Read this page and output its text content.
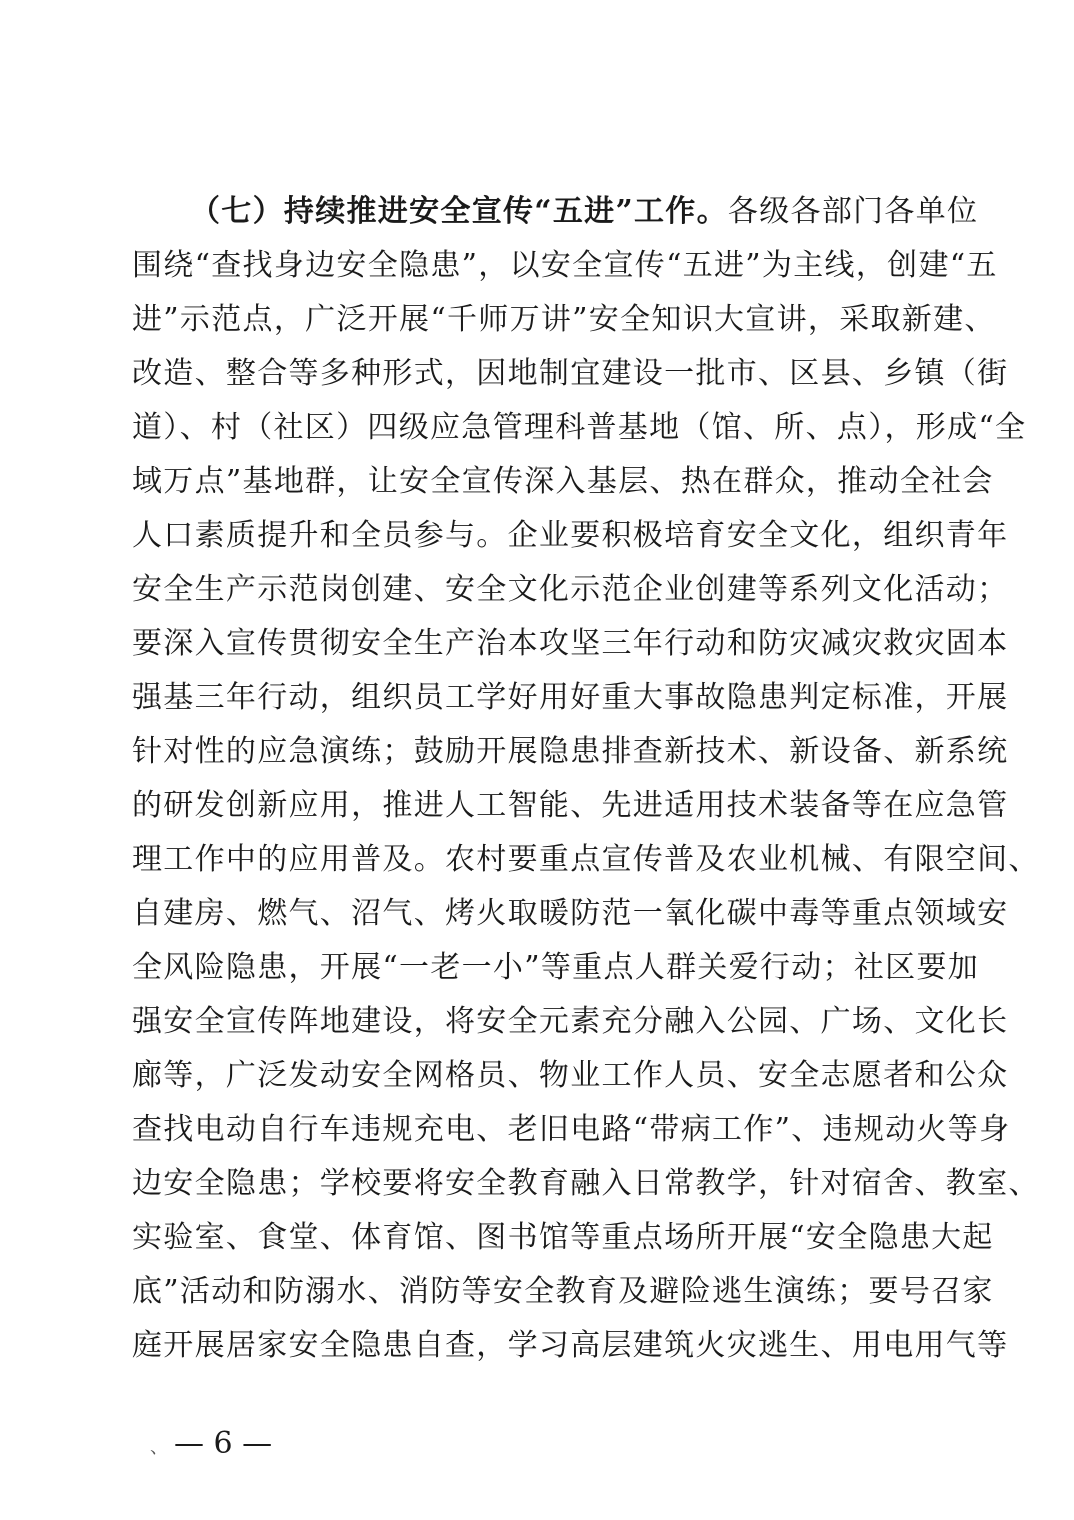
（七）持续推进安全宣传“五进”工作。各级各部门各单位
围绕“查找身边安全隐患”，以安全宣传“五进”为主线，创建“五
进”示范点，广泛开展“千师万讲”安全知识大宣讲，采取新建、
改造、整合等多种形式，因地制宜建设一批市、区县、乡镇（街
道）、村（社区）四级应急管理科普基地（馆、所、点），形成“全
域万点”基地群，让安全宣传深入基层、热在群众，推动全社会
人口素质提升和全员参与。企业要积极培育安全文化，组织青年
安全生产示范岗创建、安全文化示范企业创建等系列文化活动；
要深入宣传贯彻安全生产治本攻坚三年行动和防灾减灾救灾固本
强基三年行动，组织员工学好用好重大事故隐患判定标准，开展
针对性的应急演练；鼓励开展隐患排查新技术、新设备、新系统
的研发创新应用，推进人工智能、先进适用技术装备等在应急管
理工作中的应用普及。农村要重点宣传普及农业机械、有限空间、
自建房、燃气、沼气、烤火取暖防范一氧化碳中毒等重点领域安
全风险隐患，开展“一老一小”等重点人群关爱行动；社区要加
强安全宣传阵地建设，将安全元素充分融入公园、广场、文化长
廊等，广泛发动安全网格员、物业工作人员、安全志愿者和公众
查找电动自行车违规充电、老旧电路“带病工作”、违规动火等身
边安全隐患；学校要将安全教育融入日常教学，针对宿舍、教室、
实验室、食堂、体育馆、图书馆等重点场所开展“安全隐患大起
底”活动和防溺水、消防等安全教育及避险逃生演练；要号召家
庭开展居家安全隐患自查，学习高层建筑火灾逃生、用电用气等
、 — 6 —
